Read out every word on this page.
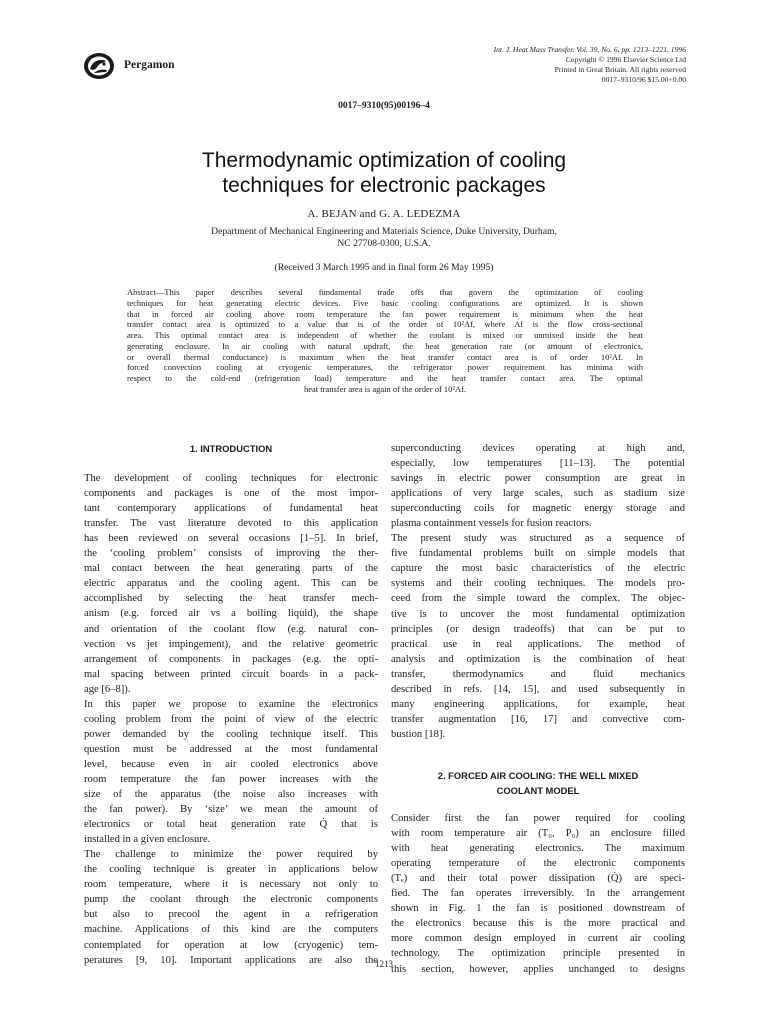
Pergamon
Int. J. Heat Mass Transfer. Vol. 39, No. 6, pp. 1213–1221, 1996
Copyright © 1996 Elsevier Science Ltd
Printed in Great Britain. All rights reserved
0017–9310/96 $15.00+0.00
0017–9310(95)00196–4
Thermodynamic optimization of cooling
techniques for electronic packages
A. BEJAN and G. A. LEDEZMA
Department of Mechanical Engineering and Materials Science, Duke University, Durham,
NC 27708-0300, U.S.A.
(Received 3 March 1995 and in final form 26 May 1995)
Abstract—This paper describes several fundamental trade offs that govern the optimization of cooling
techniques for heat generating electric devices. Five basic cooling configurations are optimized. It is shown
that in forced air cooling above room temperature the fan power requirement is minimum when the heat
transfer contact area is optimized to a value that is of the order of 10²Af, where Af is the flow cross-sectional
area. This optimal contact area is independent of whether the coolant is mixed or unmixed inside the heat
generating enclosure. In air cooling with natural updraft, the heat generation rate (or amount of electronics,
or overall thermal conductance) is maximum when the heat transfer contact area is of order 10²Af. In
forced convection cooling at cryogenic temperatures, the refrigerator power requirement has minima with
respect to the cold-end (refrigeration load) temperature and the heat transfer contact area. The optimal
heat transfer area is again of the order of 10²Af.
1. INTRODUCTION
The development of cooling techniques for electronic
components and packages is one of the most impor-
tant contemporary applications of fundamental heat
transfer. The vast literature devoted to this application
has been reviewed on several occasions [1–5]. In brief,
the ‘cooling problem’ consists of improving the ther-
mal contact between the heat generating parts of the
electric apparatus and the cooling agent. This can be
accomplished by selecting the heat transfer mech-
anism (e.g. forced air vs a boiling liquid), the shape
and orientation of the coolant flow (e.g. natural con-
vection vs jet impingement), and the relative geometric
arrangement of components in packages (e.g. the opti-
mal spacing between printed circuit boards in a pack-
age [6–8]).
In this paper we propose to examine the electronics
cooling problem from the point of view of the electric
power demanded by the cooling technique itself. This
question must be addressed at the most fundamental
level, because even in air cooled electronics above
room temperature the fan power increases with the
size of the apparatus (the noise also increases with
the fan power). By ‘size’ we mean the amount of
electronics or total heat generation rate Q̇ that is
installed in a given enclosure.
The challenge to minimize the power required by
the cooling technique is greater in applications below
room temperature, where it is necessary not only to
pump the coolant through the electronic components
but also to precool the agent in a refrigeration
machine. Applications of this kind are the computers
contemplated for operation at low (cryogenic) tem-
peratures [9, 10]. Important applications are also the
superconducting devices operating at high and,
especially, low temperatures [11–13]. The potential
savings in electric power consumption are great in
applications of very large scales, such as stadium size
superconducting coils for magnetic energy storage and
plasma containment vessels for fusion reactors.
The present study was structured as a sequence of
five fundamental problems built on simple models that
capture the most basic characteristics of the electric
systems and their cooling techniques. The models pro-
ceed from the simple toward the complex. The objec-
tive is to uncover the most fundamental optimization
principles (or design tradeoffs) that can be put to
practical use in real applications. The method of
analysis and optimization is the combination of heat
transfer, thermodynamics and fluid mechanics
described in refs. [14, 15], and used subsequently in
many engineering applications, for example, heat
transfer augmentation [16, 17] and convective com-
bustion [18].
2. FORCED AIR COOLING: THE WELL MIXED
COOLANT MODEL
Consider first the fan power required for cooling
with room temperature air (T₀, P₀) an enclosure filled
with heat generating electronics. The maximum
operating temperature of the electronic components
(Tₑ) and their total power dissipation (Q̇) are speci-
fied. The fan operates irreversibly. In the arrangement
shown in Fig. 1 the fan is positioned downstream of
the electronics because this is the more practical and
more common design employed in current air cooling
technology. The optimization principle presented in
this section, however, applies unchanged to designs
1213
